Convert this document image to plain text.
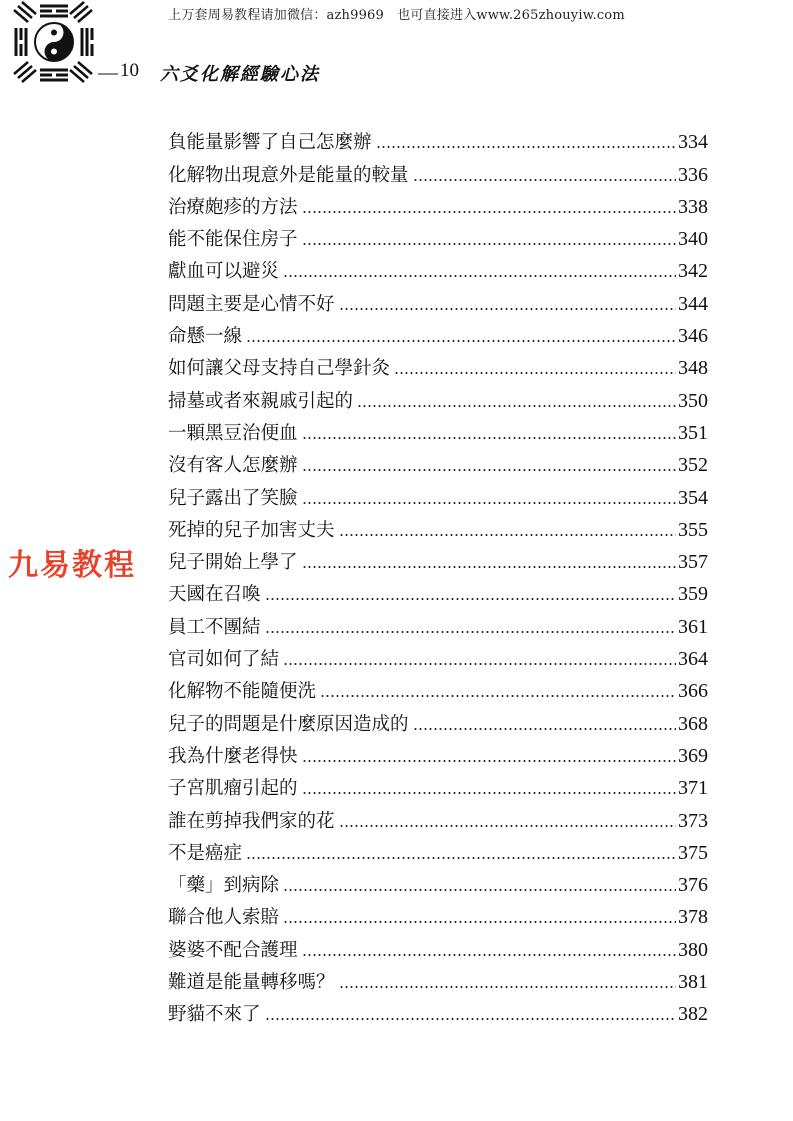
上万套周易教程请加微信：azh9969　也可直接进入www.265zhouyiw.com
10 六爻化解經驗心法
九易教程
負能量影響了自己怎麼辦	334
化解物出現意外是能量的較量	336
治療皰疹的方法	338
能不能保住房子	340
獻血可以避災	342
問題主要是心情不好	344
命懸一線	346
如何讓父母支持自己學針灸	348
掃墓或者來親戚引起的	350
一顆黑豆治便血	351
沒有客人怎麼辦	352
兒子露出了笑臉	354
死掉的兒子加害丈夫	355
兒子開始上學了	357
天國在召喚	359
員工不團結	361
官司如何了結	364
化解物不能隨便洗	366
兒子的問題是什麼原因造成的	368
我為什麼老得快	369
子宮肌瘤引起的	371
誰在剪掉我們家的花	373
不是癌症	375
「藥」到病除	376
聯合他人索賠	378
婆婆不配合護理	380
難道是能量轉移嗎？	381
野貓不來了	382
